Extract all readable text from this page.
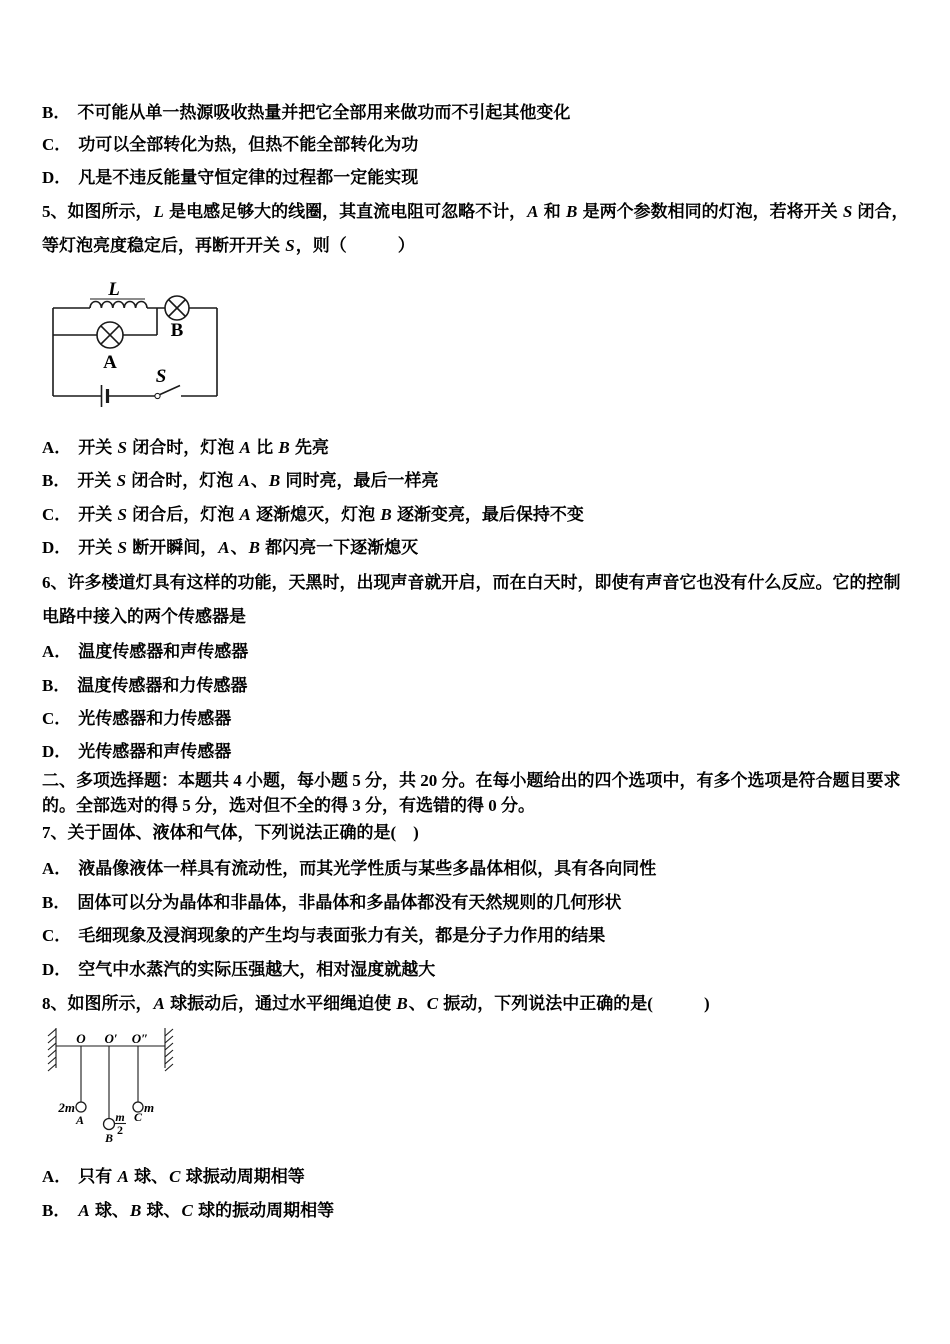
B． 不可能从单一热源吸收热量并把它全部用来做功而不引起其他变化

C． 功可以全部转化为热，但热不能全部转化为功

D． 凡是不违反能量守恒定律的过程都一定能实现

5、如图所示，L 是电感足够大的线圈，其直流电阻可忽略不计，A 和 B 是两个参数相同的灯泡，若将开关 S 闭合，等灯泡亮度稳定后，再断开开关 S，则（　　　）

L
B
A
S

A． 开关 S 闭合时，灯泡 A 比 B 先亮

B． 开关 S 闭合时，灯泡 A、B 同时亮，最后一样亮

C． 开关 S 闭合后，灯泡 A 逐渐熄灭，灯泡 B 逐渐变亮，最后保持不变

D． 开关 S 断开瞬间，A、B 都闪亮一下逐渐熄灭

6、许多楼道灯具有这样的功能，天黑时，出现声音就开启，而在白天时，即使有声音它也没有什么反应。它的控制电路中接入的两个传感器是

A． 温度传感器和声传感器

B． 温度传感器和力传感器

C． 光传感器和力传感器

D． 光传感器和声传感器

二、多项选择题：本题共 4 小题，每小题 5 分，共 20 分。在每小题给出的四个选项中，有多个选项是符合题目要求的。全部选对的得 5 分，选对但不全的得 3 分，有选错的得 0 分。

7、关于固体、液体和气体，下列说法正确的是(　)

A． 液晶像液体一样具有流动性，而其光学性质与某些多晶体相似，具有各向同性

B． 固体可以分为晶体和非晶体，非晶体和多晶体都没有天然规则的几何形状

C． 毛细现象及浸润现象的产生均与表面张力有关，都是分子力作用的结果

D． 空气中水蒸汽的实际压强越大，相对湿度就越大

8、如图所示，A 球振动后，通过水平细绳迫使 B、C 振动，下列说法中正确的是(　　　)

O O′ O″
2m
A	m
2
B
m
C

A． 只有 A 球、C 球振动周期相等

B． A 球、B 球、C 球的振动周期相等
